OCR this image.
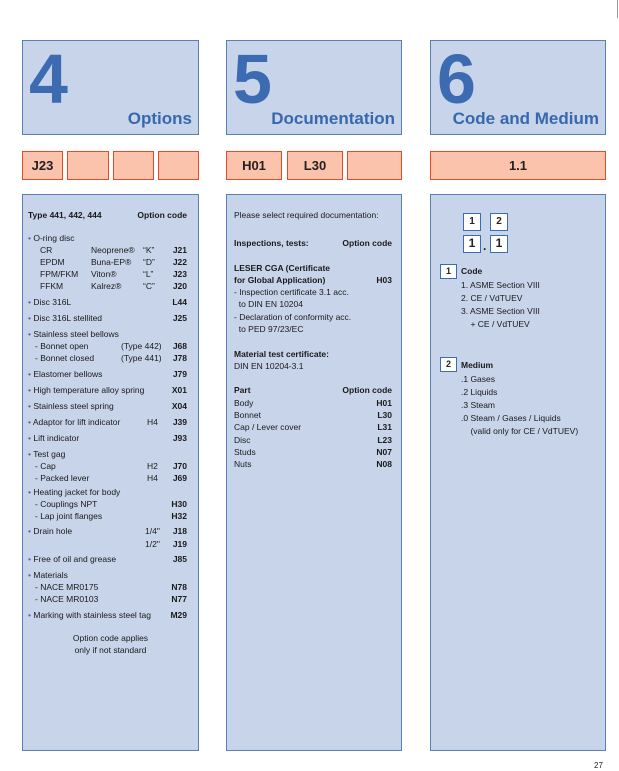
4
Options
5
Documentation
6
Code and Medium
J23	H01	L30	1.1
Type 441, 442, 444	Option code
• O-ring disc
CR	Neoprene® “K” J21
EPDM	Buna-EP® “D” J22
FPM/FKM Viton®	“L” J23
FFKM	Kalrez®	“C” J20
• Disc 316L	L44
• Disc 316L stellited	J25
• Stainless steel bellows
- Bonnet open	(Type 442) J68
- Bonnet closed	(Type 441) J78
• Elastomer bellows	J79
• High temperature alloy spring	X01
• Stainless steel spring	X04
• Adaptor for lift indicator	H4 J39
• Lift indicator	J93
• Test gag
- Cap	H2 J70
- Packed lever	H4 J69
• Heating jacket for body
- Couplings NPT	H30
- Lap joint flanges	H32
• Drain hole	1/4" J18
1/2" J19
• Free of oil and grease	J85
• Materials
- NACE MR0175	N78
- NACE MR0103	N77
• Marking with stainless steel tag M29
Option code applies
only if not standard
Please select required documentation:
Inspections, tests:	Option code
LESER CGA (Certificate
for Global Application)	H03
- Inspection certificate 3.1 acc.
to DIN EN 10204
- Declaration of conformity acc.
to PED 97/23/EC
Material test certificate:
DIN EN 10204-3.1
Part	Option code
Body	H01
Bonnet	L30
Cap / Lever cover	L31
Disc	L23
Studs	N07
Nuts	N08
1	2
1 . 1
1	Code
1. ASME Section VIII
2. CE / VdTUEV
3. ASME Section VIII
+ CE / VdTUEV
2	Medium
.1 Gases
.2 Liquids
.3 Steam
.0 Steam / Gases / Liquids
(valid only for CE / VdTUEV)
27
